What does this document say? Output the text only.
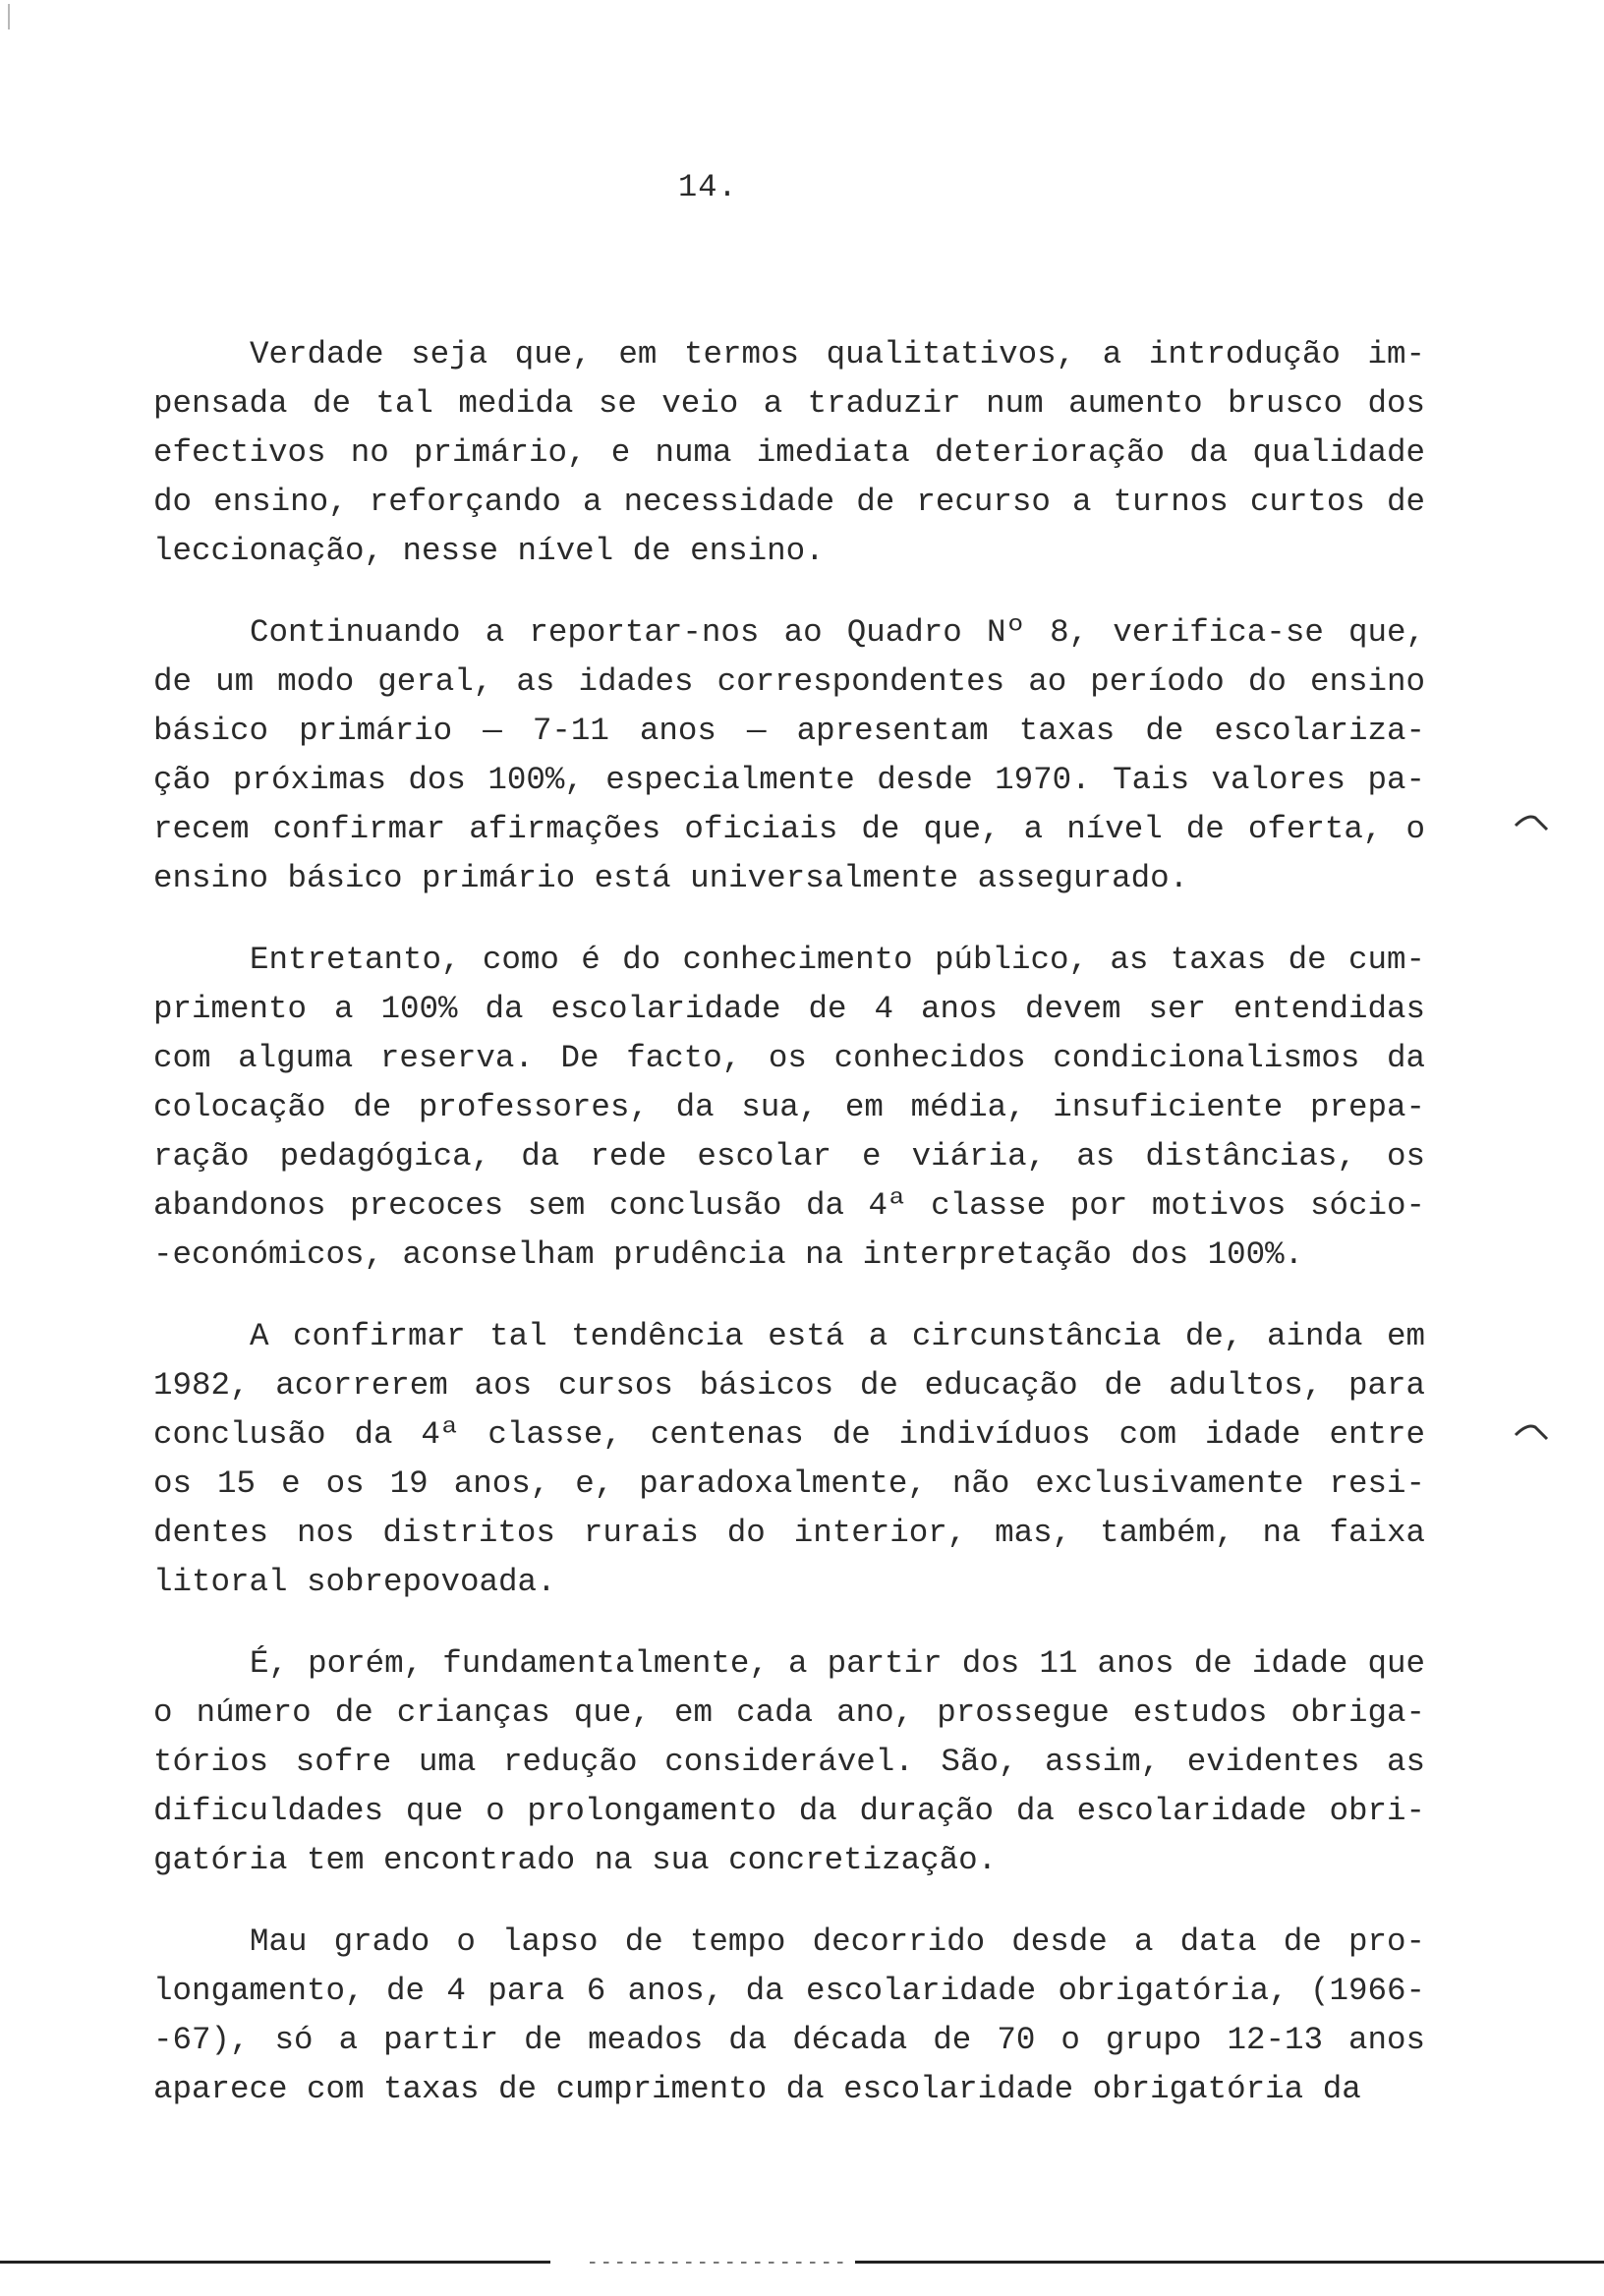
14.

Verdade seja que, em termos qualitativos, a introdução im-
pensada de tal medida se veio a traduzir num aumento brusco dos
efectivos no primário, e numa imediata deterioração da qualidade
do ensino, reforçando a necessidade de recurso a turnos curtos de
leccionação, nesse nível de ensino.

Continuando a reportar-nos ao Quadro Nº 8, verifica-se que,
de um modo geral, as idades correspondentes ao período do ensino
básico primário — 7-11 anos — apresentam taxas de escolariza-
ção próximas dos 100%, especialmente desde 1970. Tais valores pa-
recem confirmar afirmações oficiais de que, a nível de oferta, o
ensino básico primário está universalmente assegurado.

Entretanto, como é do conhecimento público, as taxas de cum-
primento a 100% da escolaridade de 4 anos devem ser entendidas
com alguma reserva. De facto, os conhecidos condicionalismos da
colocação de professores, da sua, em média, insuficiente prepa-
ração pedagógica, da rede escolar e viária, as distâncias, os
abandonos precoces sem conclusão da 4ª classe por motivos sócio-
-económicos, aconselham prudência na interpretação dos 100%.

A confirmar tal tendência está a circunstância de, ainda em
1982, acorrerem aos cursos básicos de educação de adultos, para
conclusão da 4ª classe, centenas de indivíduos com idade entre
os 15 e os 19 anos, e, paradoxalmente, não exclusivamente resi-
dentes nos distritos rurais do interior, mas, também, na faixa
litoral sobrepovoada.

É, porém, fundamentalmente, a partir dos 11 anos de idade que
o número de crianças que, em cada ano, prossegue estudos obriga-
tórios sofre uma redução considerável. São, assim, evidentes as
dificuldades que o prolongamento da duração da escolaridade obri-
gatória tem encontrado na sua concretização.

Mau grado o lapso de tempo decorrido desde a data de pro-
longamento, de 4 para 6 anos, da escolaridade obrigatória, (1966-
-67), só a partir de meados da década de 70 o grupo 12-13 anos
aparece com taxas de cumprimento da escolaridade obrigatória da
